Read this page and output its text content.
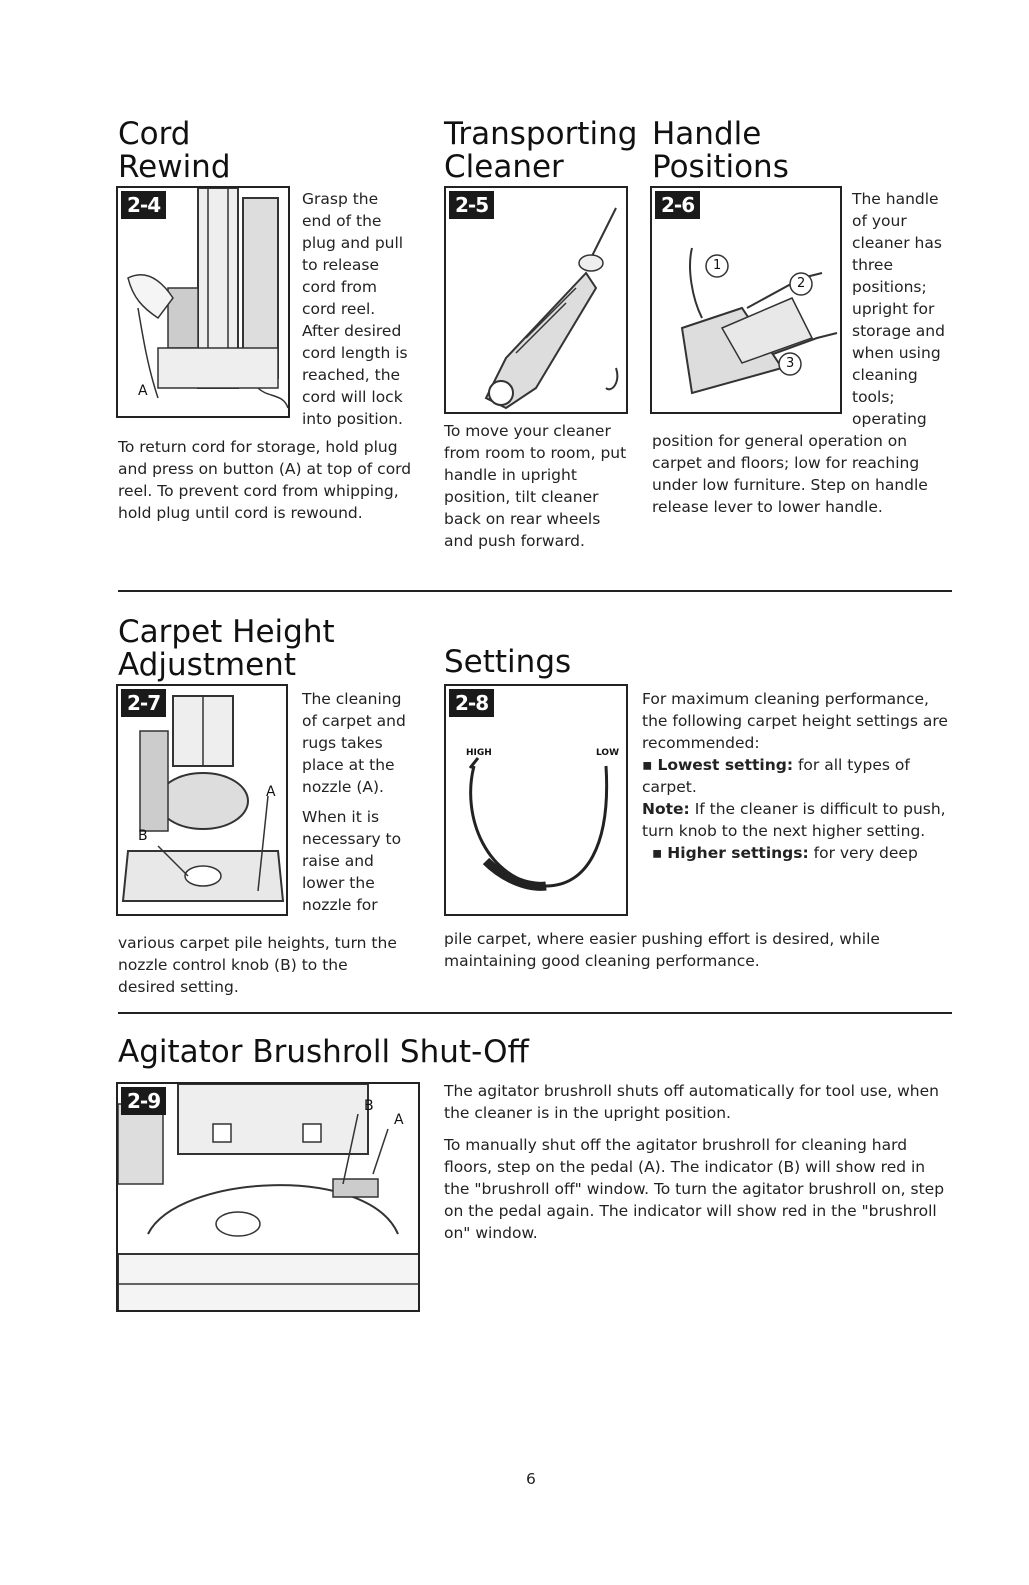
Cord
Rewind
2-4
A
Grasp the end of the plug and pull to release cord from cord reel. After desired cord length is reached, the cord will lock into position.
To return cord for storage, hold plug and press on button (A) at top of cord reel. To prevent cord from whipping, hold plug until cord is rewound.
Transporting
Cleaner
2-5
To move your cleaner from room to room, put handle in upright position, tilt cleaner back on rear wheels and push forward.
Handle
Positions
2-6
1
2
3
The handle of your cleaner has three positions; upright for storage and when using cleaning tools; operating
position for general operation on carpet and floors; low for reaching under low furniture. Step on handle release lever to lower handle.
Carpet Height
Adjustment
2-7
A
B

The cleaning of carpet and rugs takes place at the nozzle (A).

When it is necessary to raise and lower the nozzle for

various carpet pile heights, turn the nozzle control knob (B) to the desired setting.
Settings
2-8
HIGH	LOW

For maximum cleaning performance, the following carpet height settings are recommended:

▪ Lowest setting: for all types of carpet.

Note: If the cleaner is difficult to push, turn knob to the next higher setting.

▪ Higher settings: for very deep

pile carpet, where easier pushing effort is desired, while maintaining good cleaning performance.
Agitator Brushroll Shut-Off
2-9
A
B

The agitator brushroll shuts off automatically for tool use, when the cleaner is in the upright position.

To manually shut off the agitator brushroll for cleaning hard floors, step on the pedal (A). The indicator (B) will show red in the "brushroll off" window. To turn the agitator brushroll on, step on the pedal again. The indicator will show red in the "brushroll on" window.

6
